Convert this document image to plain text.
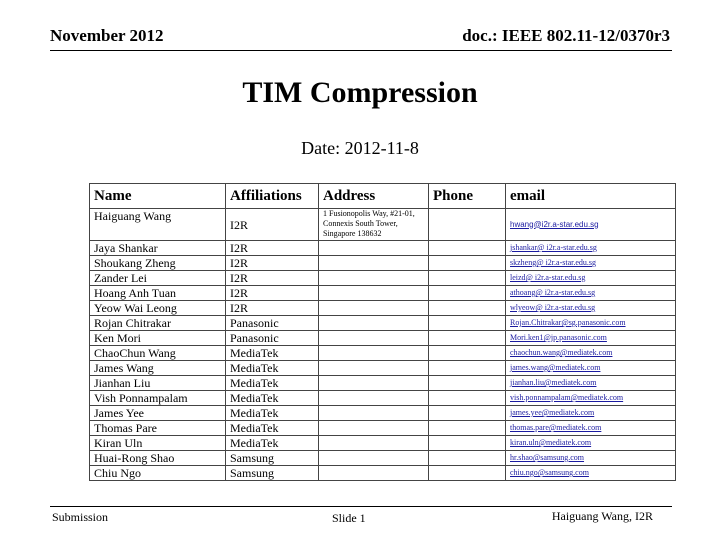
November 2012	doc.: IEEE 802.11-12/0370r3
TIM Compression
Date: 2012-11-8
Name	Affiliations	Address	Phone	email
Haiguang Wang	I2R	1 Fusionopolis Way, #21-01, Connexis South Tower, Singapore 138632		hwang@i2r.a-star.edu.sg
Jaya Shankar	I2R			jshankar@ i2r.a-star.edu.sg
Shoukang Zheng	I2R			skzheng@ i2r.a-star.edu.sg
Zander Lei	I2R			leizd@ i2r.a-star.edu.sg
Hoang Anh Tuan	I2R			athoang@ i2r.a-star.edu.sg
Yeow Wai Leong	I2R			wlyeow@ i2r.a-star.edu.sg
Rojan Chitrakar	Panasonic			Rojan.Chitrakar@sg.panasonic.com
Ken Mori	Panasonic			Mori.ken1@jp.panasonic.com
ChaoChun Wang	MediaTek			chaochun.wang@mediatek.com
James Wang	MediaTek			james.wang@mediatek.com
Jianhan Liu	MediaTek			jianhan.liu@mediatek.com
Vish Ponnampalam	MediaTek			vish.ponnampalam@mediatek.com
James Yee	MediaTek			james.yee@mediatek.com
Thomas Pare	MediaTek			thomas.pare@mediatek.com
Kiran Uln	MediaTek			kiran.uln@mediatek.com
Huai-Rong Shao	Samsung			hr.shao@samsung.com
Chiu Ngo	Samsung			chiu.ngo@samsung.com
Submission	Slide 1	Haiguang Wang, I2R
